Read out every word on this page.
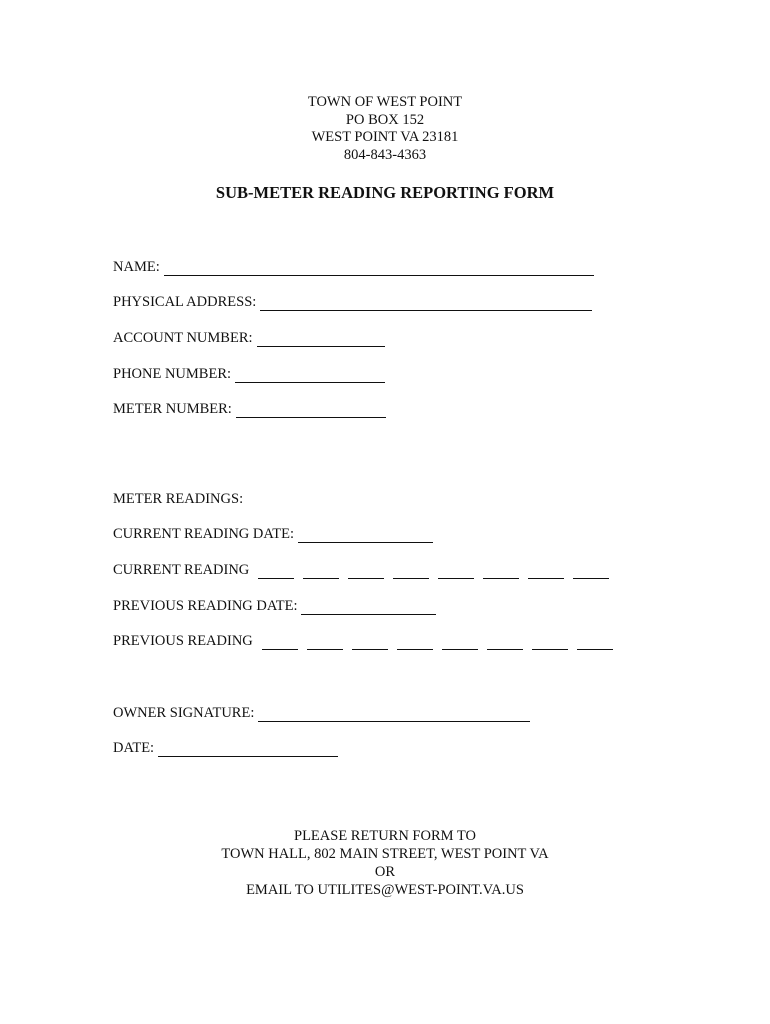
TOWN OF WEST POINT
PO BOX 152
WEST POINT VA 23181
804-843-4363
SUB-METER READING REPORTING FORM
NAME:
PHYSICAL ADDRESS:
ACCOUNT NUMBER:
PHONE NUMBER:
METER NUMBER:
METER READINGS:
CURRENT READING DATE:
CURRENT READING
PREVIOUS READING DATE:
PREVIOUS READING
OWNER SIGNATURE:
DATE:
PLEASE RETURN FORM TO
TOWN HALL, 802 MAIN STREET, WEST POINT VA
OR
EMAIL TO UTILITES@WEST-POINT.VA.US
